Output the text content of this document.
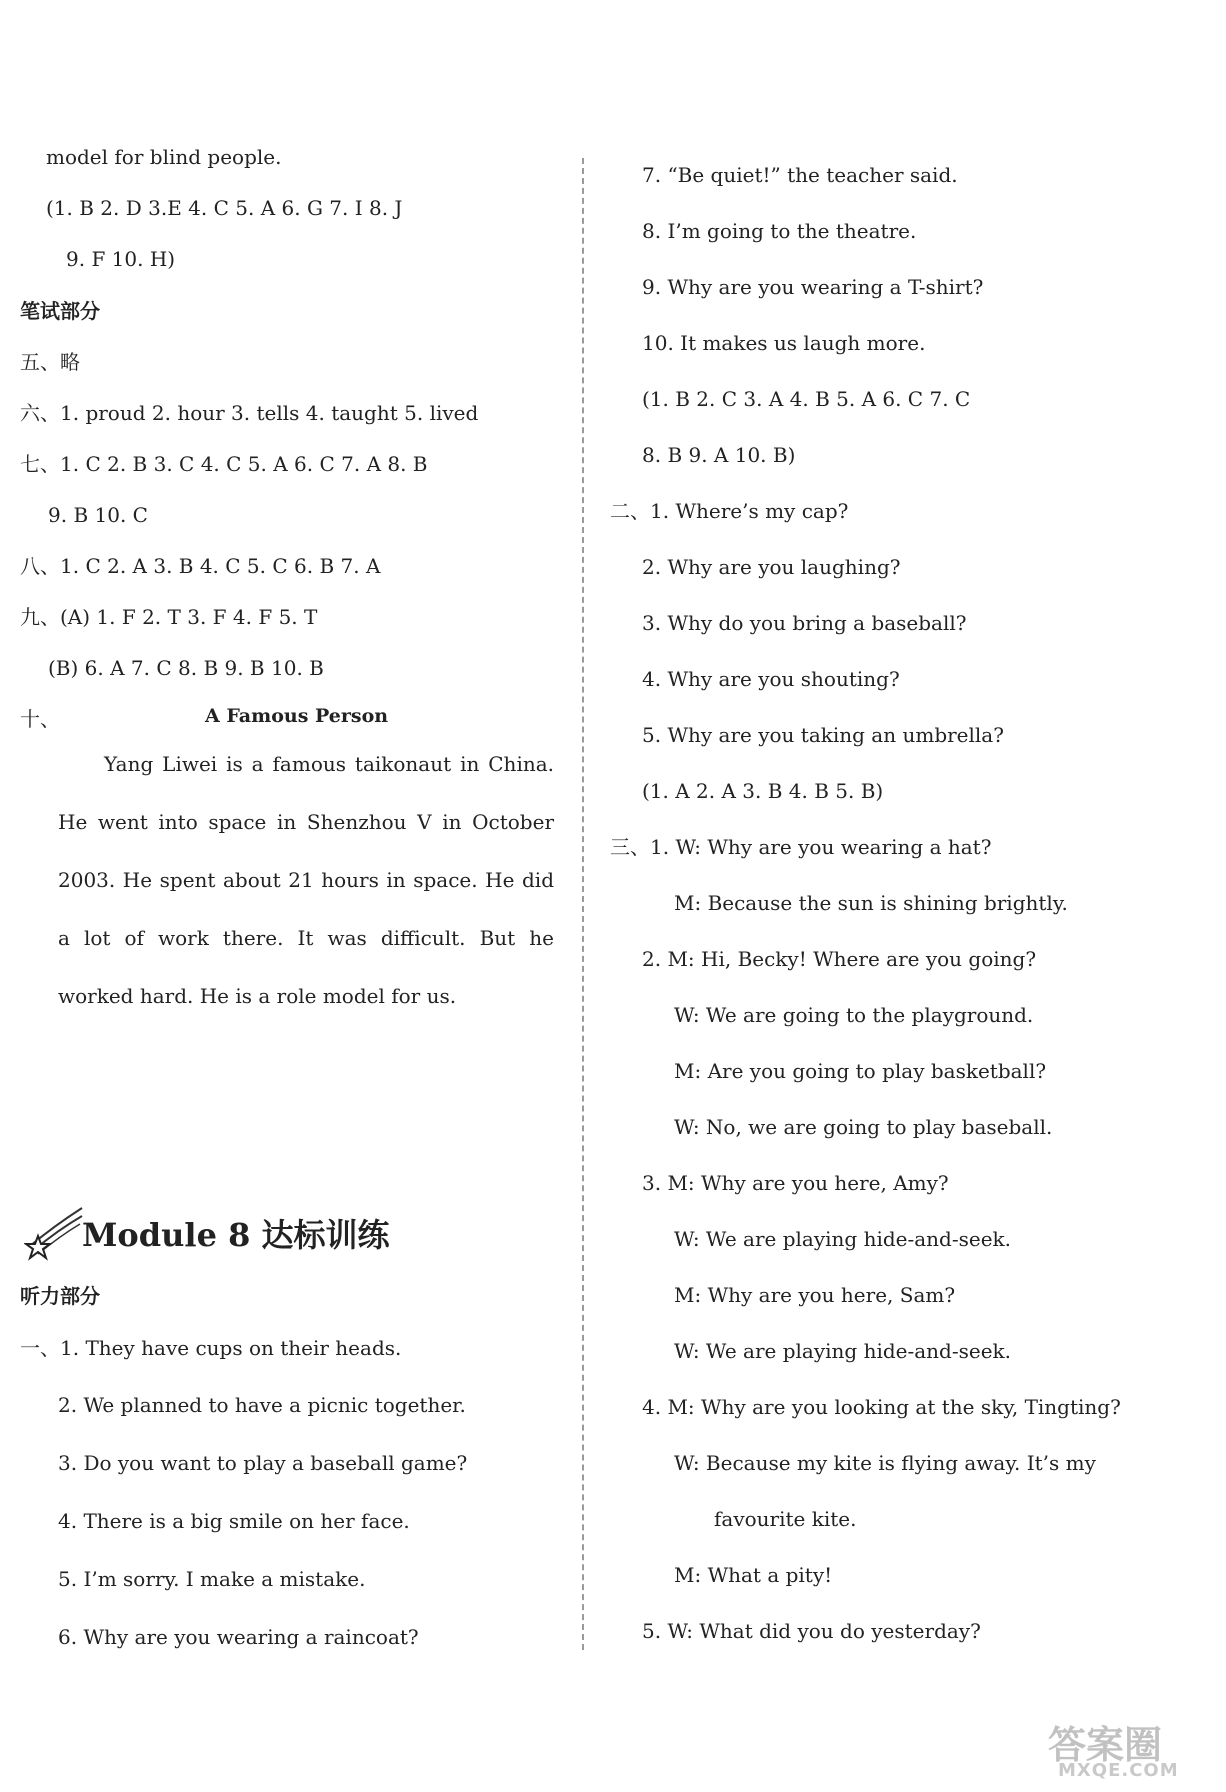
model for blind people.
(1. B 2. D 3.E 4. C 5. A 6. G 7. I 8. J
9. F 10. H)
笔试部分
五、略
六、1. proud 2. hour 3. tells 4. taught 5. lived
七、1. C 2. B 3. C 4. C 5. A 6. C 7. A 8. B
9. B 10. C
八、1. C 2. A 3. B 4. C 5. C 6. B 7. A
九、(A) 1. F 2. T 3. F 4. F 5. T
(B) 6. A 7. C 8. B 9. B 10. B
十、	A Famous Person
Yang Liwei is a famous taikonaut in China. He went into space in Shenzhou V in October 2003. He spent about 21 hours in space. He did a lot of work there. It was difficult. But he worked hard. He is a role model for us.
Module 8 达标训练
听力部分
一、1. They have cups on their heads.
2. We planned to have a picnic together.
3. Do you want to play a baseball game?
4. There is a big smile on her face.
5. I’m sorry. I make a mistake.
6. Why are you wearing a raincoat?
7. “Be quiet!” the teacher said.
8. I’m going to the theatre.
9. Why are you wearing a T-shirt?
10. It makes us laugh more.
(1. B 2. C 3. A 4. B 5. A 6. C 7. C
8. B 9. A 10. B)
二、1. Where’s my cap?
2. Why are you laughing?
3. Why do you bring a baseball?
4. Why are you shouting?
5. Why are you taking an umbrella?
(1. A 2. A 3. B 4. B 5. B)
三、1. W: Why are you wearing a hat?
M: Because the sun is shining brightly.
2. M: Hi, Becky! Where are you going?
W: We are going to the playground.
M: Are you going to play basketball?
W: No, we are going to play baseball.
3. M: Why are you here, Amy?
W: We are playing hide-and-seek.
M: Why are you here, Sam?
W: We are playing hide-and-seek.
4. M: Why are you looking at the sky, Tingting?
W: Because my kite is flying away. It’s my
favourite kite.
M: What a pity!
5. W: What did you do yesterday?
答案圈
MXQE.COM
